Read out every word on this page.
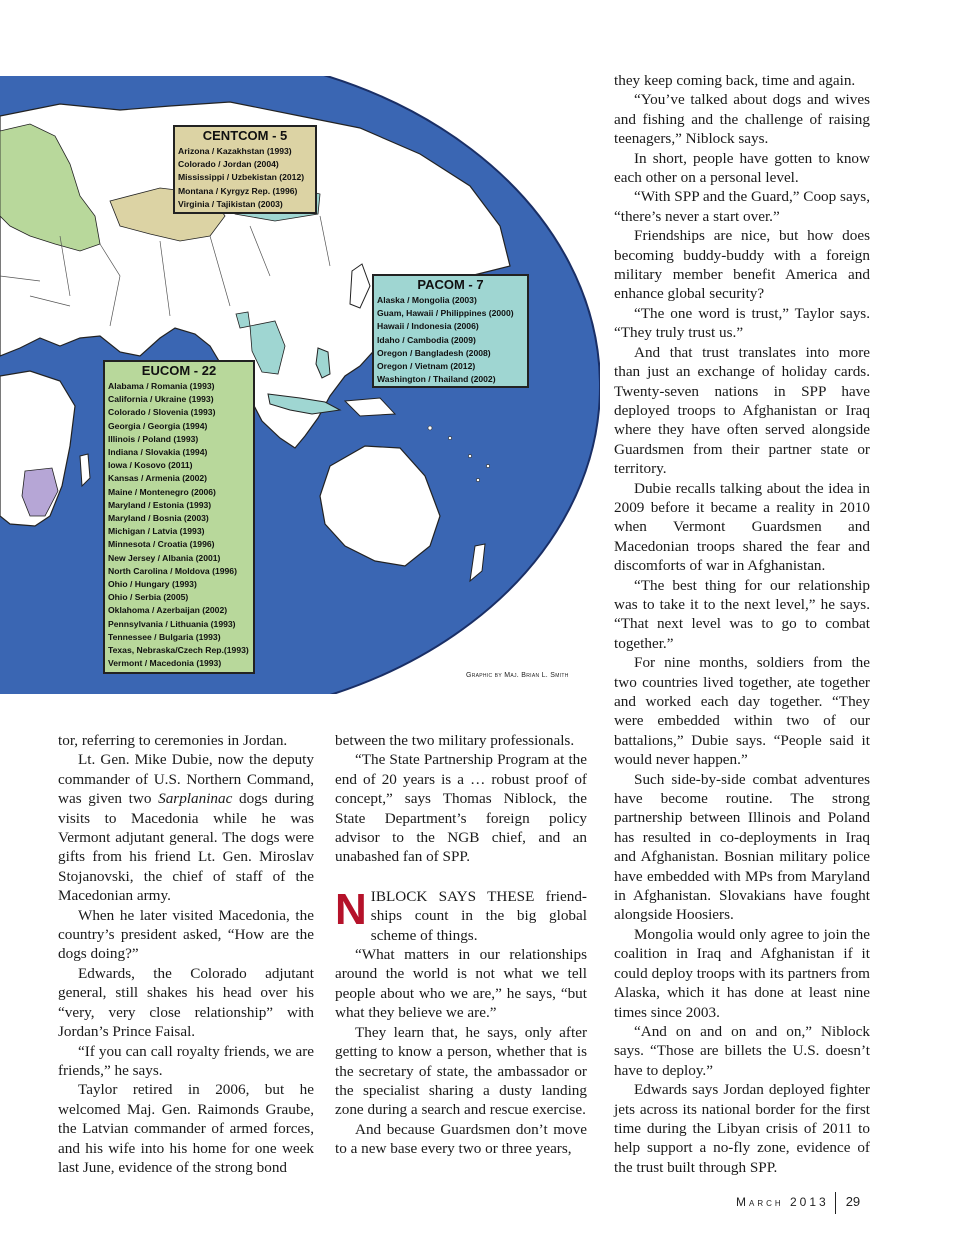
CENTCOM - 5
Arizona / Kazakhstan (1993)
Colorado / Jordan (2004)
Mississippi / Uzbekistan (2012)
Montana / Kyrgyz Rep. (1996)
Virginia / Tajikistan (2003)
PACOM - 7
Alaska / Mongolia (2003)
Guam, Hawaii / Philippines (2000)
Hawaii / Indonesia (2006)
Idaho / Cambodia (2009)
Oregon / Bangladesh (2008)
Oregon / Vietnam (2012)
Washington / Thailand (2002)
EUCOM - 22
Alabama / Romania (1993)
California / Ukraine (1993)
Colorado / Slovenia (1993)
Georgia / Georgia (1994)
Illinois / Poland (1993)
Indiana / Slovakia (1994)
Iowa / Kosovo (2011)
Kansas / Armenia (2002)
Maine / Montenegro (2006)
Maryland / Estonia (1993)
Maryland / Bosnia (2003)
Michigan / Latvia (1993)
Minnesota / Croatia (1996)
New Jersey / Albania (2001)
North Carolina / Moldova (1996)
Ohio / Hungary (1993)
Ohio / Serbia (2005)
Oklahoma / Azerbaijan (2002)
Pennsylvania / Lithuania (1993)
Tennessee / Bulgaria (1993)
Texas, Nebraska/Czech Rep.(1993)
Vermont / Macedonia (1993)
Graphic by Maj. Brian L. Smith

tor, referring to ceremonies in Jordan.

Lt. Gen. Mike Dubie, now the deputy commander of U.S. Northern Command, was given two Sarplaninac dogs during visits to Macedonia while he was Vermont adjutant general. The dogs were gifts from his friend Lt. Gen. Miroslav Stojanovski, the chief of staff of the Macedonian army.

When he later visited Macedonia, the country’s president asked, “How are the dogs doing?”

Edwards, the Colorado adjutant general, still shakes his head over his “very, very close relationship” with Jordan’s Prince Faisal.

“If you can call royalty friends, we are friends,” he says.

Taylor retired in 2006, but he welcomed Maj. Gen. Raimonds Graube, the Latvian commander of armed forces, and his wife into his home for one week last June, evidence of the strong bond

between the two military professionals.

“The State Partnership Program at the end of 20 years is a … robust proof of concept,” says Thomas Niblock, the State Department’s foreign policy advisor to the NGB chief, and an unabashed fan of SPP.

NIBLOCK SAYS THESE friend-ships count in the big global scheme of things.

“What matters in our relationships around the world is not what we tell people about who we are,” he says, “but what they believe we are.”

They learn that, he says, only after getting to know a person, whether that is the secretary of state, the ambassador or the specialist sharing a dusty landing zone during a search and rescue exercise.

And because Guardsmen don’t move to a new base every two or three years,

they keep coming back, time and again.

“You’ve talked about dogs and wives and fishing and the challenge of raising teenagers,” Niblock says.

In short, people have gotten to know each other on a personal level.

“With SPP and the Guard,” Coop says, “there’s never a start over.”

Friendships are nice, but how does becoming buddy-buddy with a foreign military member benefit America and enhance global security?

“The one word is trust,” Taylor says. “They truly trust us.”

And that trust translates into more than just an exchange of holiday cards. Twenty-seven nations in SPP have deployed troops to Afghanistan or Iraq where they have often served alongside Guardsmen from their partner state or territory.

Dubie recalls talking about the idea in 2009 before it became a reality in 2010 when Vermont Guardsmen and Macedonian troops shared the fear and discomforts of war in Afghanistan.

“The best thing for our relationship was to take it to the next level,” he says. “That next level was to go to combat together.”

For nine months, soldiers from the two countries lived together, ate together and worked each day together. “They were embedded within two of our battalions,” Dubie says. “People said it would never happen.”

Such side-by-side combat adventures have become routine. The strong partnership between Illinois and Poland has resulted in co-deployments in Iraq and Afghanistan. Bosnian military police have embedded with MPs from Maryland in Afghanistan. Slovakians have fought alongside Hoosiers.

Mongolia would only agree to join the coalition in Iraq and Afghanistan if it could deploy troops with its partners from Alaska, which it has done at least nine times since 2003.

“And on and on and on,” Niblock says. “Those are billets the U.S. doesn’t have to deploy.”

Edwards says Jordan deployed fighter jets across its national border for the first time during the Libyan crisis of 2011 to help support a no-fly zone, evidence of the trust built through SPP.

March 2013 29
